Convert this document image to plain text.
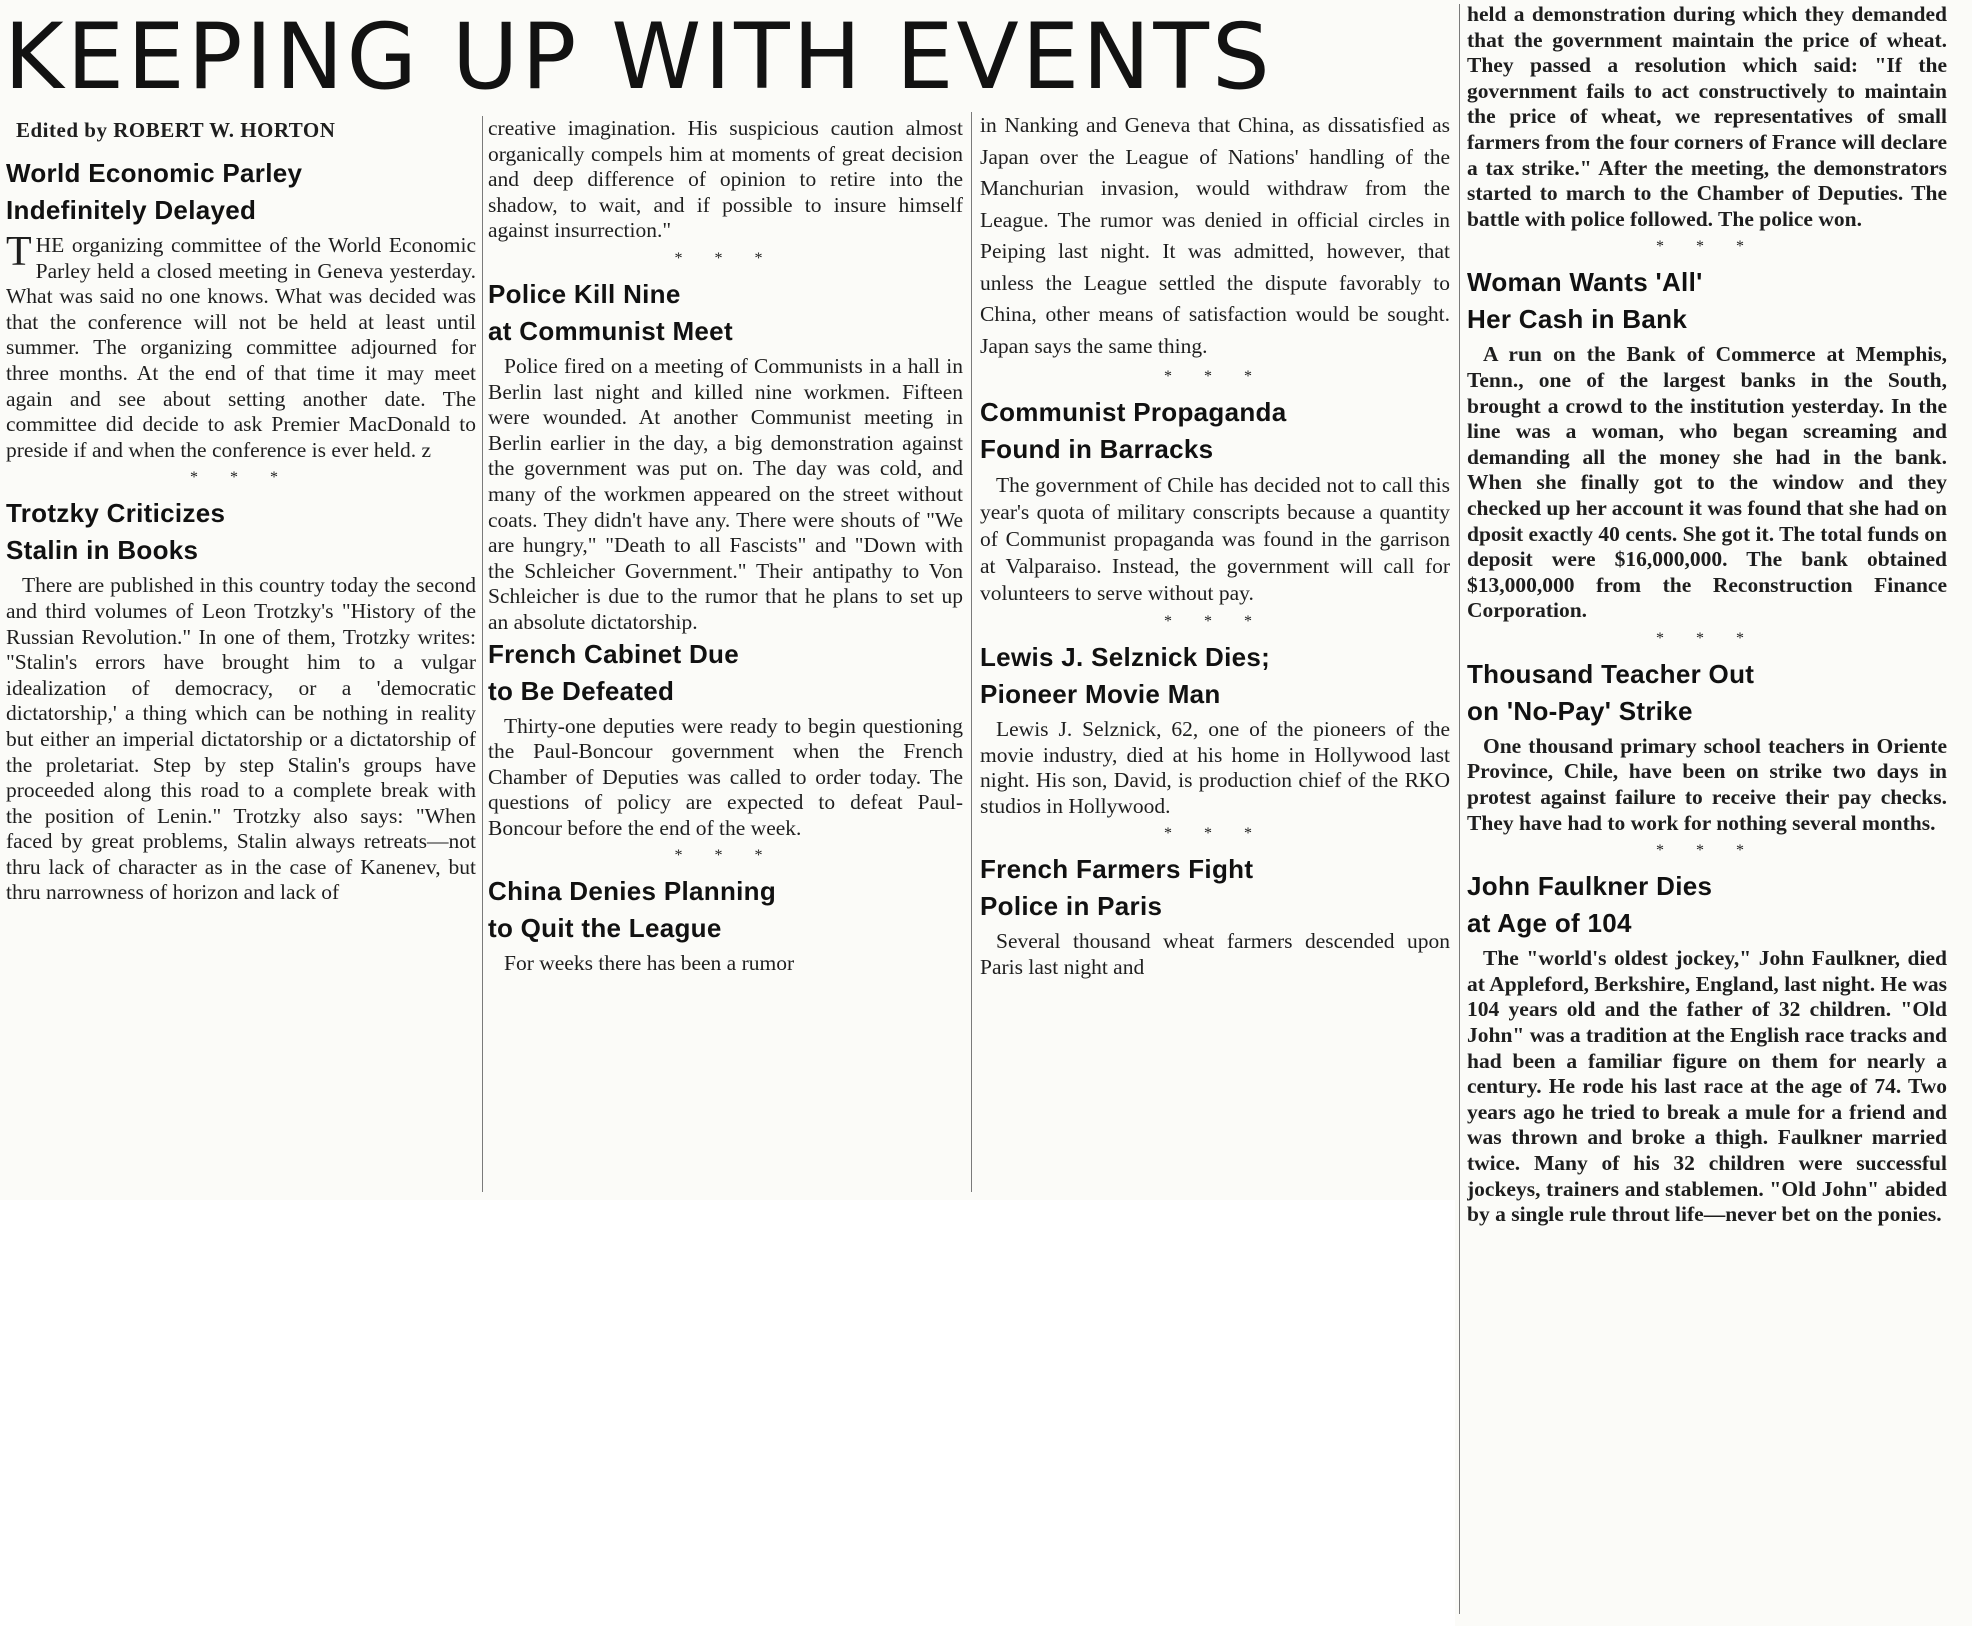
KEEPING UP WITH EVENTS
Edited by ROBERT W. HORTON
World Economic Parley
Indefinitely Delayed

THE organizing committee of the World Economic Parley held a closed meeting in Geneva yesterday. What was said no one knows. What was decided was that the conference will not be held at least until summer. The organizing committee adjourned for three months. At the end of that time it may meet again and see about setting another date. The committee did decide to ask Premier MacDonald to preside if and when the conference is ever held. z

* * *
Trotzky Criticizes
Stalin in Books

There are published in this country today the second and third volumes of Leon Trotzky's "History of the Russian Revolution." In one of them, Trotzky writes: "Stalin's errors have brought him to a vulgar idealization of democracy, or a 'democratic dictatorship,' a thing which can be nothing in reality but either an imperial dictatorship or a dictatorship of the proletariat. Step by step Stalin's groups have proceeded along this road to a complete break with the position of Lenin." Trotzky also says: "When faced by great problems, Stalin always retreats—not thru lack of character as in the case of Kanenev, but thru narrowness of horizon and lack of

creative imagination. His suspicious caution almost organically compels him at moments of great decision and deep difference of opinion to retire into the shadow, to wait, and if possible to insure himself against insurrection."

* * *
Police Kill Nine
at Communist Meet

Police fired on a meeting of Communists in a hall in Berlin last night and killed nine workmen. Fifteen were wounded. At another Communist meeting in Berlin earlier in the day, a big demonstration against the government was put on. The day was cold, and many of the workmen appeared on the street without coats. They didn't have any. There were shouts of "We are hungry," "Death to all Fascists" and "Down with the Schleicher Government." Their antipathy to Von Schleicher is due to the rumor that he plans to set up an absolute dictatorship.

French Cabinet Due
to Be Defeated

Thirty-one deputies were ready to begin questioning the Paul-Boncour government when the French Chamber of Deputies was called to order today. The questions of policy are expected to defeat Paul-Boncour before the end of the week.

* * *
China Denies Planning
to Quit the League

For weeks there has been a rumor

in Nanking and Geneva that China, as dissatisfied as Japan over the League of Nations' handling of the Manchurian invasion, would withdraw from the League. The rumor was denied in official circles in Peiping last night. It was admitted, however, that unless the League settled the dispute favorably to China, other means of satisfaction would be sought. Japan says the same thing.

* * *
Communist Propaganda
Found in Barracks

The government of Chile has decided not to call this year's quota of military conscripts because a quantity of Communist propaganda was found in the garrison at Valparaiso. Instead, the government will call for volunteers to serve without pay.

* * *
Lewis J. Selznick Dies;
Pioneer Movie Man

Lewis J. Selznick, 62, one of the pioneers of the movie industry, died at his home in Hollywood last night. His son, David, is production chief of the RKO studios in Hollywood.

* * *
French Farmers Fight
Police in Paris

Several thousand wheat farmers descended upon Paris last night and

held a demonstration during which they demanded that the government maintain the price of wheat. They passed a resolution which said: "If the government fails to act constructively to maintain the price of wheat, we representatives of small farmers from the four corners of France will declare a tax strike." After the meeting, the demonstrators started to march to the Chamber of Deputies. The battle with police followed. The police won.

* * *
Woman Wants 'All'
Her Cash in Bank

A run on the Bank of Commerce at Memphis, Tenn., one of the largest banks in the South, brought a crowd to the institution yesterday. In the line was a woman, who began screaming and demanding all the money she had in the bank. When she finally got to the window and they checked up her account it was found that she had on dposit exactly 40 cents. She got it. The total funds on deposit were $16,000,000. The bank obtained $13,000,000 from the Reconstruction Finance Corporation.

* * *
Thousand Teacher Out
on 'No-Pay' Strike

One thousand primary school teachers in Oriente Province, Chile, have been on strike two days in protest against failure to receive their pay checks. They have had to work for nothing several months.

* * *
John Faulkner Dies
at Age of 104

The "world's oldest jockey," John Faulkner, died at Appleford, Berkshire, England, last night. He was 104 years old and the father of 32 children. "Old John" was a tradition at the English race tracks and had been a familiar figure on them for nearly a century. He rode his last race at the age of 74. Two years ago he tried to break a mule for a friend and was thrown and broke a thigh. Faulkner married twice. Many of his 32 children were successful jockeys, trainers and stablemen. "Old John" abided by a single rule throut life—never bet on the ponies.
